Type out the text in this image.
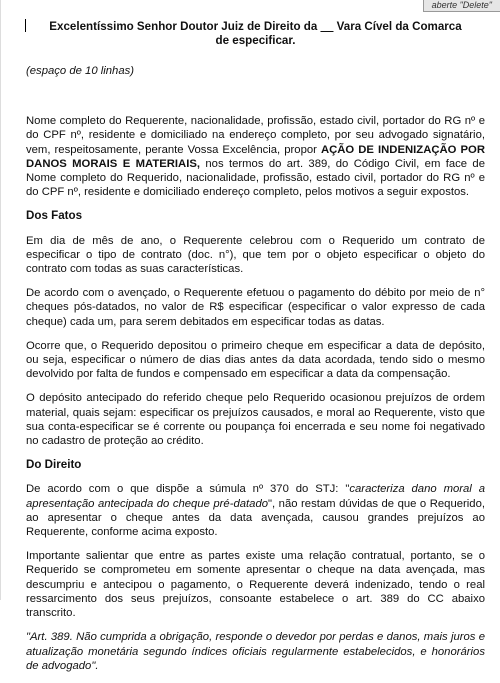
aberte "Delete"
Excelentíssimo Senhor Doutor Juiz de Direito da __ Vara Cível da Comarca
de especificar.
(espaço de 10 linhas)

Nome completo do Requerente, nacionalidade, profissão, estado civil, portador do RG nº e do CPF nº, residente e domiciliado na endereço completo, por seu advogado signatário, vem, respeitosamente, perante Vossa Excelência, propor AÇÃO DE INDENIZAÇÃO POR DANOS MORAIS E MATERIAIS, nos termos do art. 389, do Código Civil, em face de Nome completo do Requerido, nacionalidade, profissão, estado civil, portador do RG nº e do CPF nº, residente e domiciliado endereço completo, pelos motivos a seguir expostos.

Dos Fatos

Em dia de mês de ano, o Requerente celebrou com o Requerido um contrato de especificar o tipo de contrato (doc. n°), que tem por o objeto especificar o objeto do contrato com todas as suas características.

De acordo com o avençado, o Requerente efetuou o pagamento do débito por meio de n° cheques pós-datados, no valor de R$ especificar (especificar o valor expresso de cada cheque) cada um, para serem debitados em especificar todas as datas.

Ocorre que, o Requerido depositou o primeiro cheque em especificar a data de depósito, ou seja, especificar o número de dias dias antes da data acordada, tendo sido o mesmo devolvido por falta de fundos e compensado em especificar a data da compensação.

O depósito antecipado do referido cheque pelo Requerido ocasionou prejuízos de ordem material, quais sejam: especificar os prejuízos causados, e moral ao Requerente, visto que sua conta-especificar se é corrente ou poupança foi encerrada e seu nome foi negativado no cadastro de proteção ao crédito.

Do Direito

De acordo com o que dispõe a súmula nº 370 do STJ: "caracteriza dano moral a apresentação antecipada do cheque pré-datado", não restam dúvidas de que o Requerido, ao apresentar o cheque antes da data avençada, causou grandes prejuízos ao Requerente, conforme acima exposto.

Importante salientar que entre as partes existe uma relação contratual, portanto, se o Requerido se comprometeu em somente apresentar o cheque na data avençada, mas descumpriu e antecipou o pagamento, o Requerente deverá indenizado, tendo o real ressarcimento dos seus prejuízos, consoante estabelece o art. 389 do CC abaixo transcrito.

"Art. 389. Não cumprida a obrigação, responde o devedor por perdas e danos, mais juros e atualização monetária segundo índices oficiais regularmente estabelecidos, e honorários de advogado".
